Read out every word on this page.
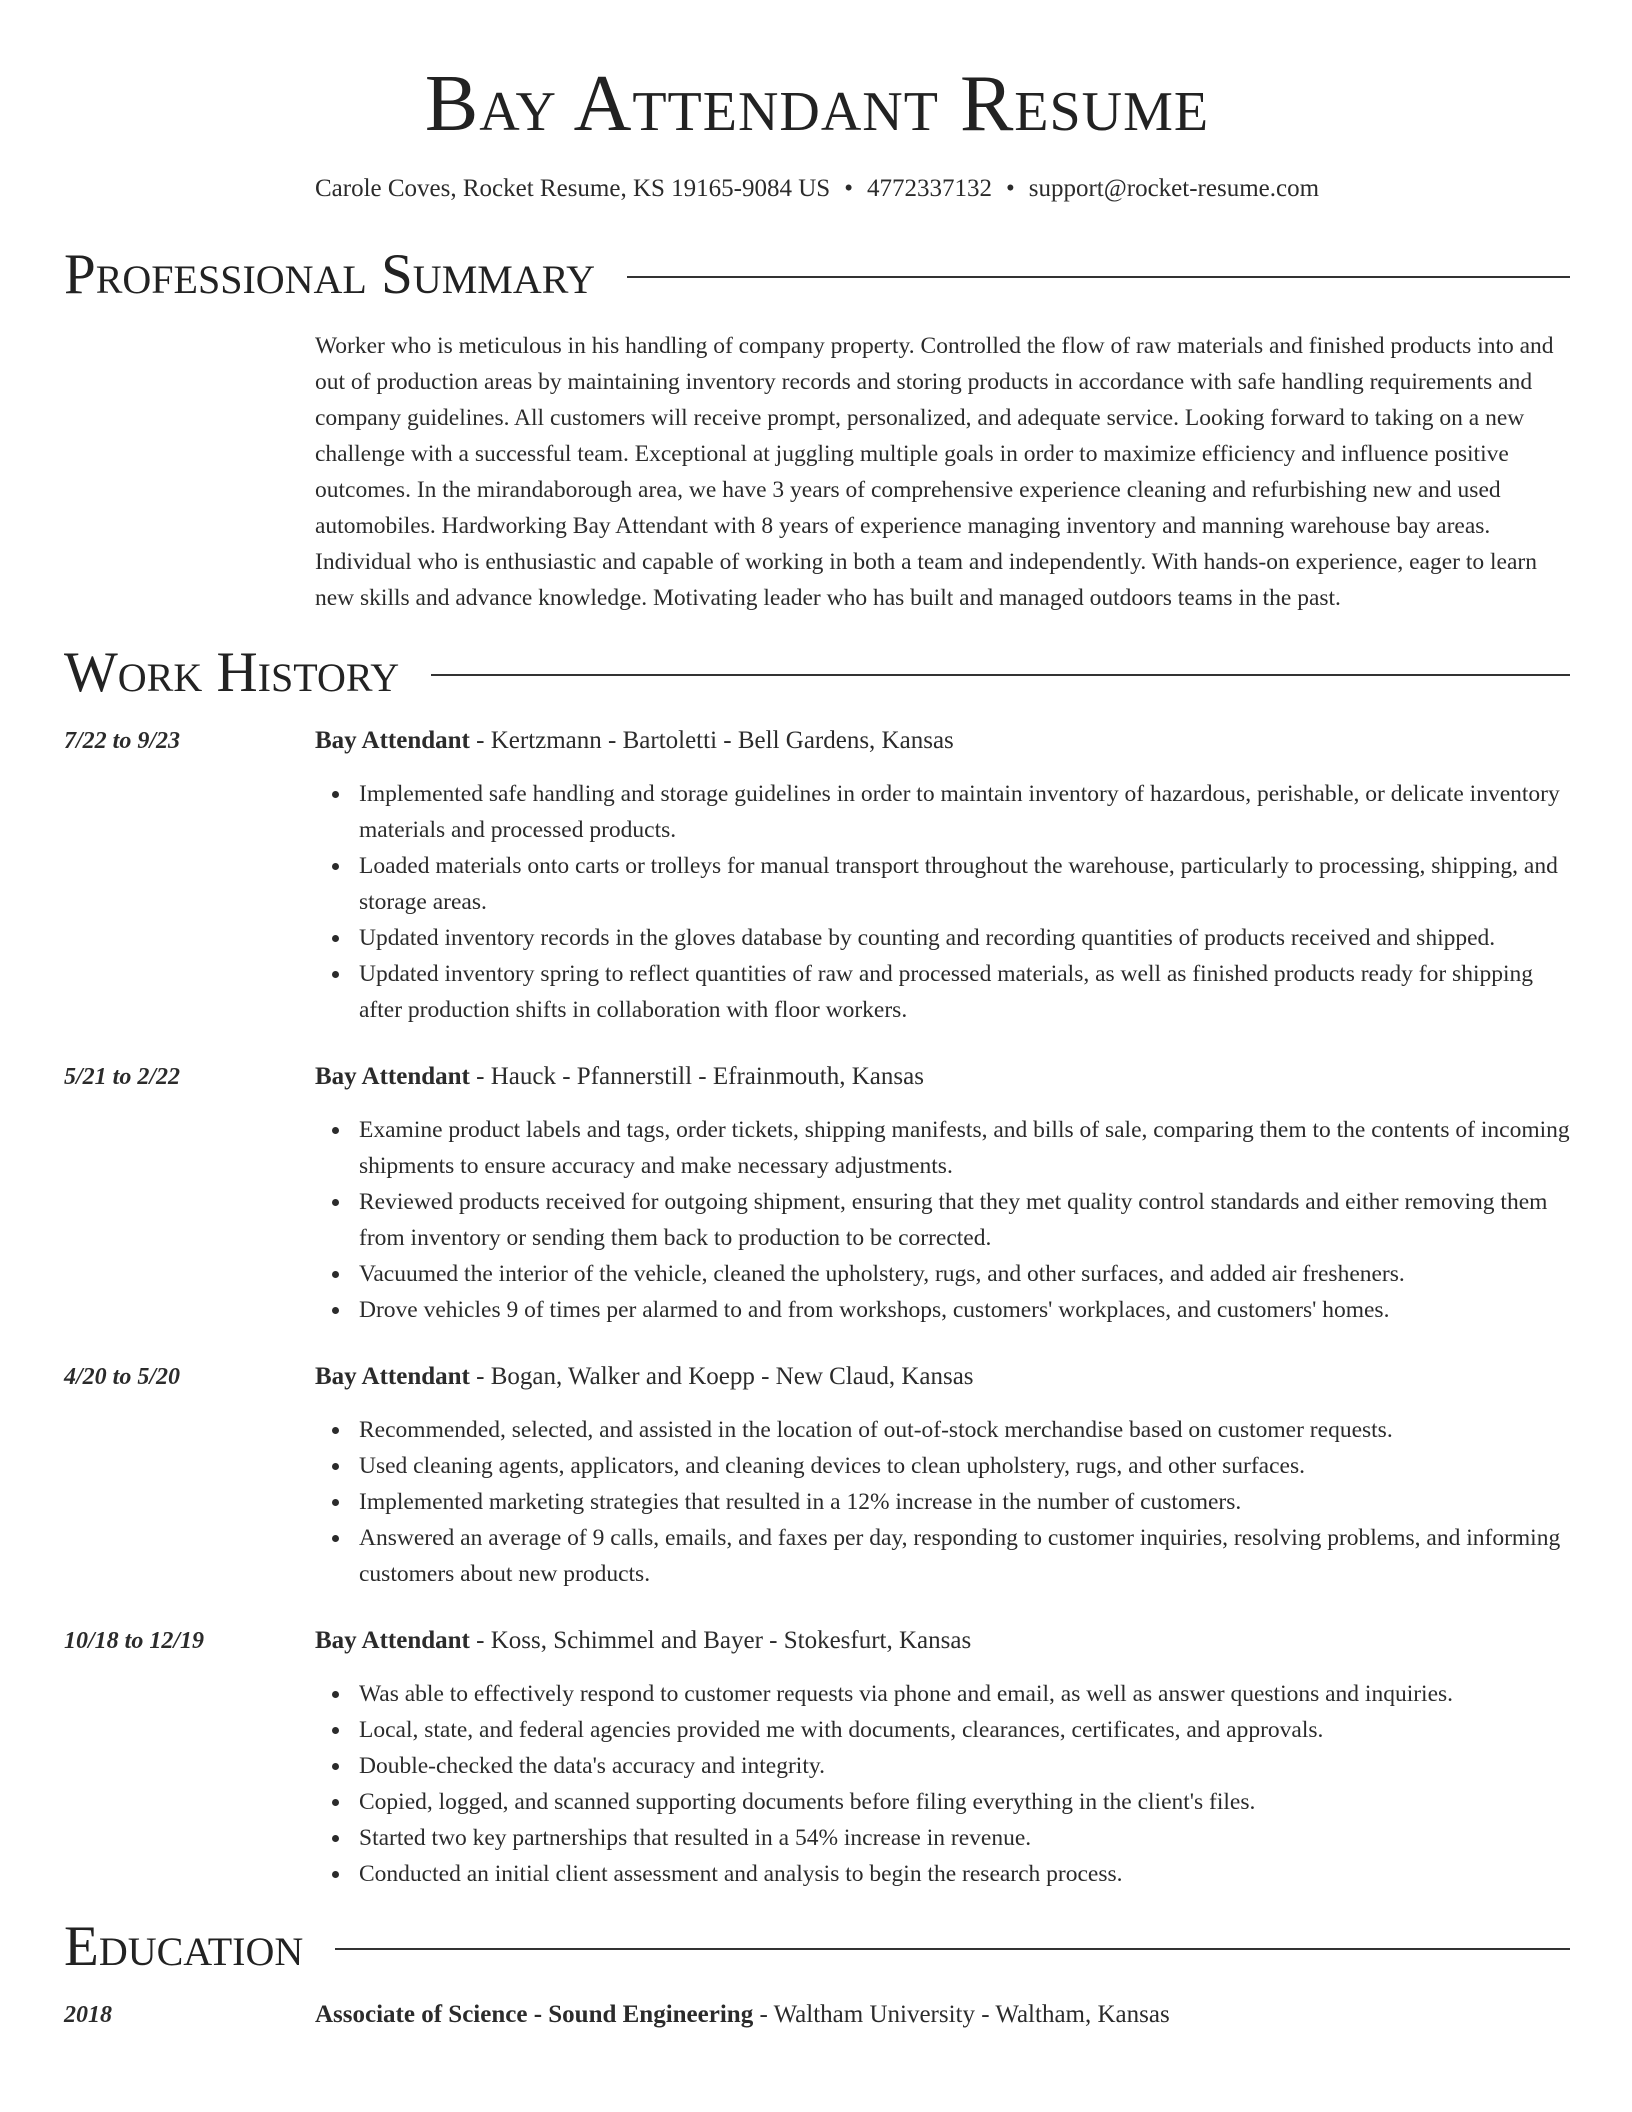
Bay Attendant Resume
Carole Coves, Rocket Resume, KS 19165-9084 US • 4772337132 • support@rocket-resume.com
Professional Summary

Worker who is meticulous in his handling of company property. Controlled the flow of raw materials and finished products into and out of production areas by maintaining inventory records and storing products in accordance with safe handling requirements and company guidelines. All customers will receive prompt, personalized, and adequate service. Looking forward to taking on a new challenge with a successful team. Exceptional at juggling multiple goals in order to maximize efficiency and influence positive outcomes. In the mirandaborough area, we have 3 years of comprehensive experience cleaning and refurbishing new and used automobiles. Hardworking Bay Attendant with 8 years of experience managing inventory and manning warehouse bay areas. Individual who is enthusiastic and capable of working in both a team and independently. With hands-on experience, eager to learn new skills and advance knowledge. Motivating leader who has built and managed outdoors teams in the past.

Work History
7/22 to 9/23	Bay Attendant - Kertzmann - Bartoletti - Bell Gardens, Kansas
Implemented safe handling and storage guidelines in order to maintain inventory of hazardous, perishable, or delicate inventory materials and processed products.
Loaded materials onto carts or trolleys for manual transport throughout the warehouse, particularly to processing, shipping, and storage areas.
Updated inventory records in the gloves database by counting and recording quantities of products received and shipped.
Updated inventory spring to reflect quantities of raw and processed materials, as well as finished products ready for shipping after production shifts in collaboration with floor workers.
5/21 to 2/22	Bay Attendant - Hauck - Pfannerstill - Efrainmouth, Kansas
Examine product labels and tags, order tickets, shipping manifests, and bills of sale, comparing them to the contents of incoming shipments to ensure accuracy and make necessary adjustments.
Reviewed products received for outgoing shipment, ensuring that they met quality control standards and either removing them from inventory or sending them back to production to be corrected.
Vacuumed the interior of the vehicle, cleaned the upholstery, rugs, and other surfaces, and added air fresheners.
Drove vehicles 9 of times per alarmed to and from workshops, customers' workplaces, and customers' homes.
4/20 to 5/20	Bay Attendant - Bogan, Walker and Koepp - New Claud, Kansas
Recommended, selected, and assisted in the location of out-of-stock merchandise based on customer requests.
Used cleaning agents, applicators, and cleaning devices to clean upholstery, rugs, and other surfaces.
Implemented marketing strategies that resulted in a 12% increase in the number of customers.
Answered an average of 9 calls, emails, and faxes per day, responding to customer inquiries, resolving problems, and informing customers about new products.
10/18 to 12/19	Bay Attendant - Koss, Schimmel and Bayer - Stokesfurt, Kansas
Was able to effectively respond to customer requests via phone and email, as well as answer questions and inquiries.
Local, state, and federal agencies provided me with documents, clearances, certificates, and approvals.
Double-checked the data's accuracy and integrity.
Copied, logged, and scanned supporting documents before filing everything in the client's files.
Started two key partnerships that resulted in a 54% increase in revenue.
Conducted an initial client assessment and analysis to begin the research process.
Education
2018	Associate of Science - Sound Engineering - Waltham University - Waltham, Kansas
